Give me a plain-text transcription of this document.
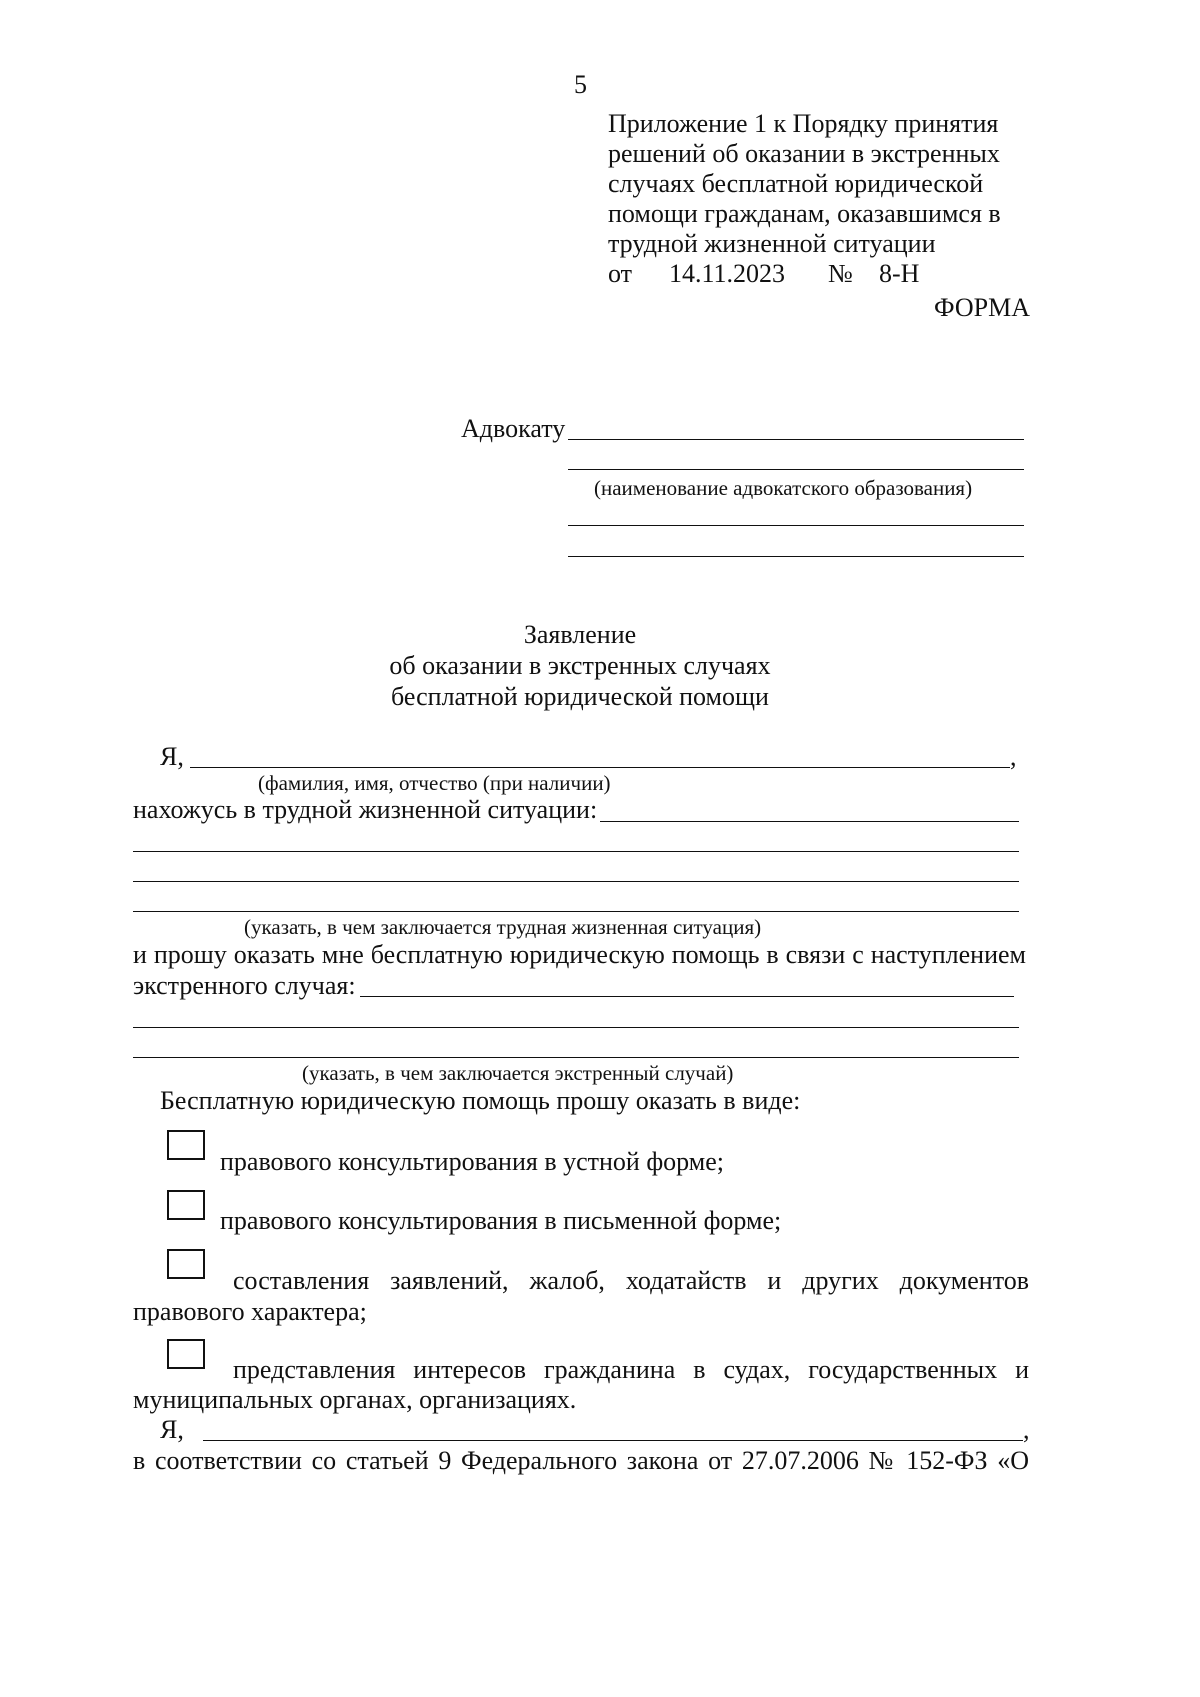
5
Приложение 1 к Порядку принятия
решений об оказании в экстренных
случаях бесплатной юридической
помощи гражданам, оказавшимся в
трудной жизненной ситуации
от 14.11.2023 № 8-Н
ФОРМА
Адвокату
(наименование адвокатского образования)
Заявление
об оказании в экстренных случаях
бесплатной юридической помощи
Я,	,
(фамилия, имя, отчество (при наличии)
нахожусь в трудной жизненной ситуации:
(указать, в чем заключается трудная жизненная ситуация)
и прошу оказать мне бесплатную юридическую помощь в связи с наступлением
экстренного случая:
(указать, в чем заключается экстренный случай)
Бесплатную юридическую помощь прошу оказать в виде:
правового консультирования в устной форме;
правового консультирования в письменной форме;
составления заявлений, жалоб, ходатайств и других документов
правового характера;
представления интересов гражданина в судах, государственных и
муниципальных органах, организациях.
Я,	,
в соответствии со статьей 9 Федерального закона от 27.07.2006 № 152-ФЗ «О
